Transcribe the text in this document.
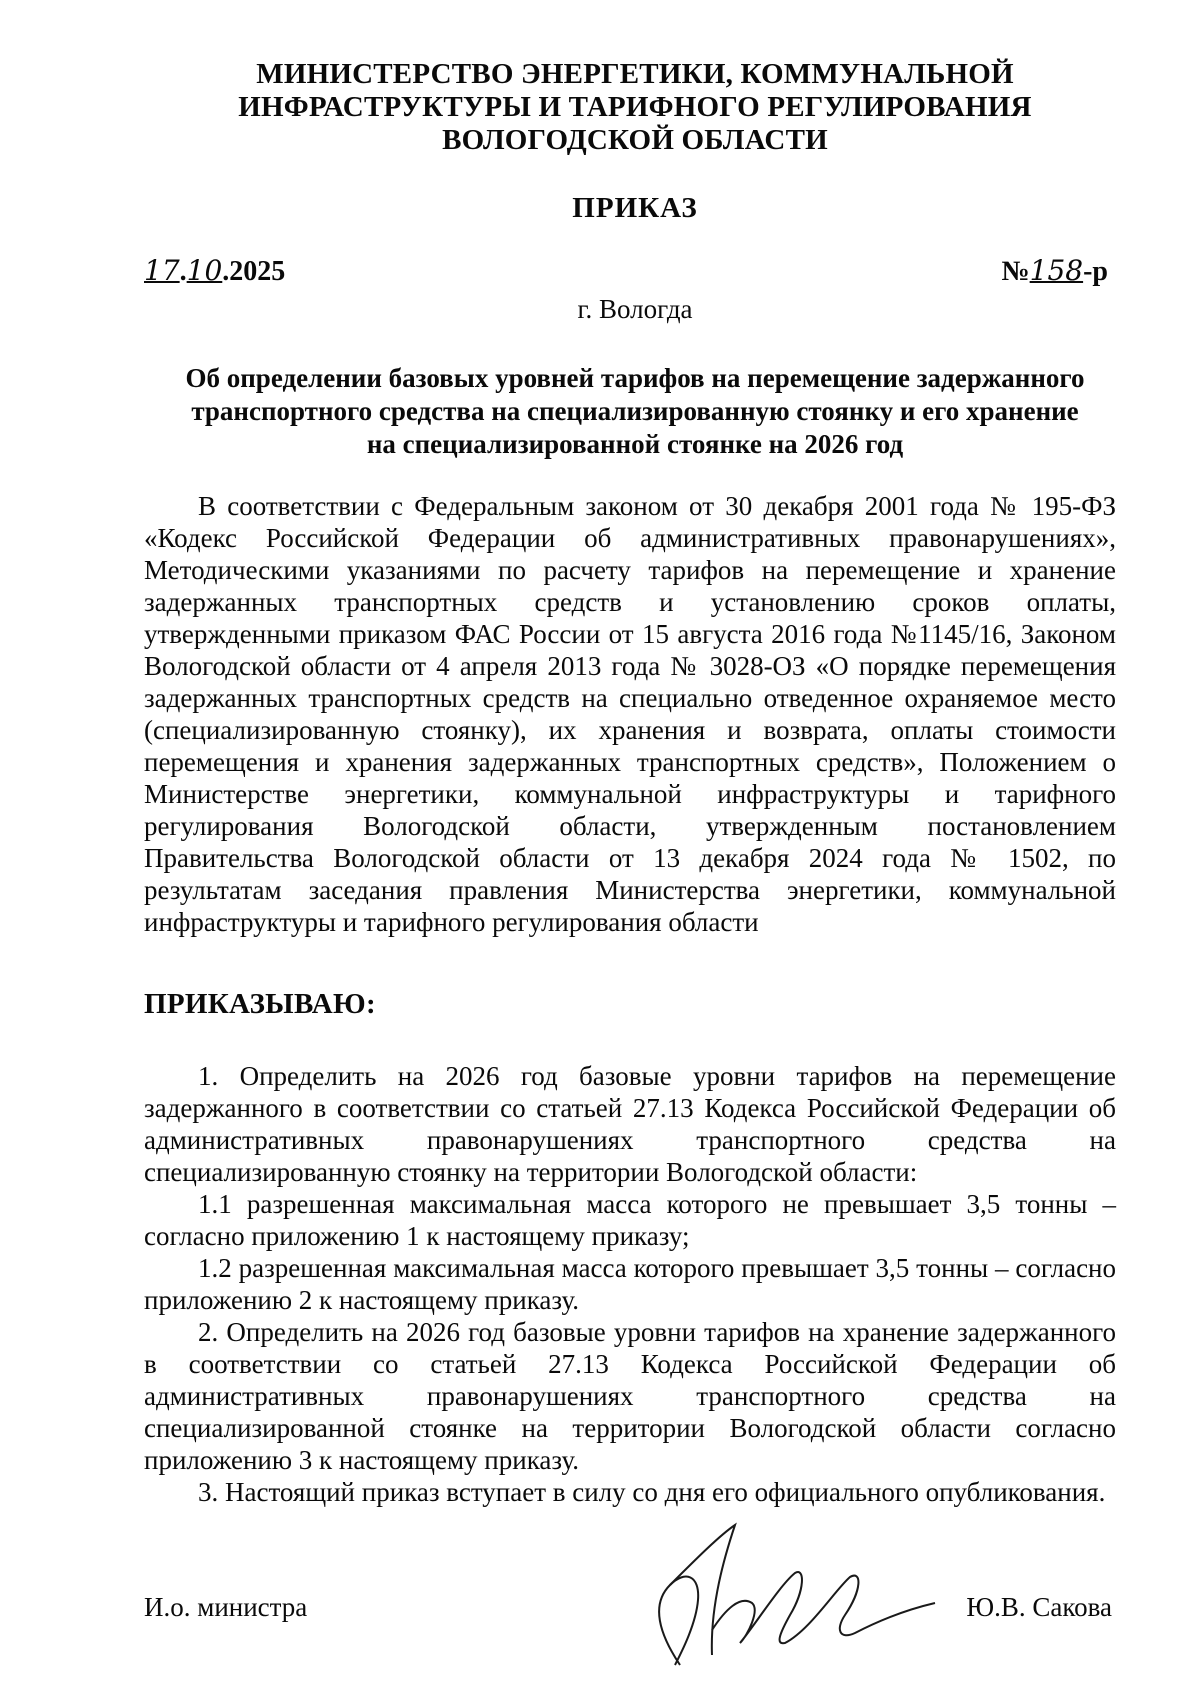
МИНИСТЕРСТВО ЭНЕРГЕТИКИ, КОММУНАЛЬНОЙ
ИНФРАСТРУКТУРЫ И ТАРИФНОГО РЕГУЛИРОВАНИЯ
ВОЛОГОДСКОЙ ОБЛАСТИ
ПРИКАЗ
17.10.2025	№158-р
г. Вологда
Об определении базовых уровней тарифов на перемещение задержанного
транспортного средства на специализированную стоянку и его хранение
на специализированной стоянке на 2026 год

В соответствии с Федеральным законом от 30 декабря 2001 года № 195-ФЗ «Кодекс Российской Федерации об административных правонарушениях», Методическими указаниями по расчету тарифов на перемещение и хранение задержанных транспортных средств и установлению сроков оплаты, утвержденными приказом ФАС России от 15 августа 2016 года №1145/16, Законом Вологодской области от 4 апреля 2013 года № 3028-ОЗ «О порядке перемещения задержанных транспортных средств на специально отведенное охраняемое место (специализированную стоянку), их хранения и возврата, оплаты стоимости перемещения и хранения задержанных транспортных средств», Положением о Министерстве энергетики, коммунальной инфраструктуры и тарифного регулирования Вологодской области, утвержденным постановлением Правительства Вологодской области от 13 декабря 2024 года № 1502, по результатам заседания правления Министерства энергетики, коммунальной инфраструктуры и тарифного регулирования области

ПРИКАЗЫВАЮ:

1. Определить на 2026 год базовые уровни тарифов на перемещение задержанного в соответствии со статьей 27.13 Кодекса Российской Федерации об административных правонарушениях транспортного средства на специализированную стоянку на территории Вологодской области:

1.1 разрешенная максимальная масса которого не превышает 3,5 тонны – согласно приложению 1 к настоящему приказу;

1.2 разрешенная максимальная масса которого превышает 3,5 тонны – согласно приложению 2 к настоящему приказу.

2. Определить на 2026 год базовые уровни тарифов на хранение задержанного в соответствии со статьей 27.13 Кодекса Российской Федерации об административных правонарушениях транспортного средства на специализированной стоянке на территории Вологодской области согласно приложению 3 к настоящему приказу.

3. Настоящий приказ вступает в силу со дня его официального опубликования.

И.о. министра	Ю.В. Сакова
